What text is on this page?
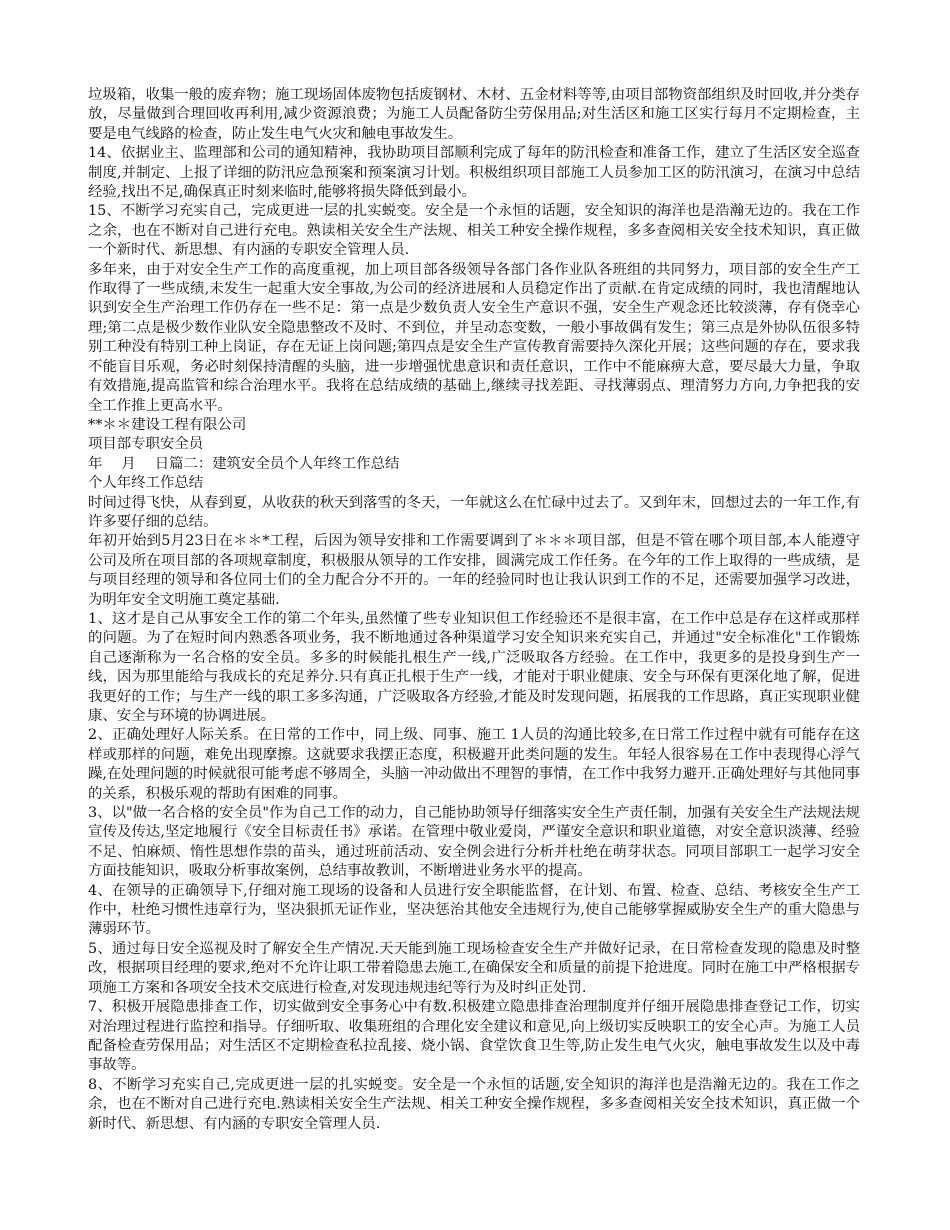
垃圾箱，收集一般的废弃物；施工现场固体废物包括废钢材、木材、五金材料等等,由项目部物资部组织及时回收,并分类存放，尽量做到合理回收再利用,减少资源浪费；为施工人员配备防尘劳保用品;对生活区和施工区实行每月不定期检查，主要是电气线路的检查，防止发生电气火灾和触电事故发生。

14、依据业主、监理部和公司的通知精神，我协助项目部顺利完成了每年的防汛检查和准备工作，建立了生活区安全巡查制度,并制定、上报了详细的防汛应急预案和预案演习计划。积极组织项目部施工人员参加工区的防汛演习，在演习中总结经验,找出不足,确保真正时刻来临时,能够将损失降低到最小。

15、不断学习充实自己，完成更进一层的扎实蜕变。安全是一个永恒的话题，安全知识的海洋也是浩瀚无边的。我在工作之余，也在不断对自己进行充电。熟读相关安全生产法规、相关工种安全操作规程，多多查阅相关安全技术知识，真正做一个新时代、新思想、有内涵的专职安全管理人员.

多年来，由于对安全生产工作的高度重视，加上项目部各级领导各部门各作业队各班组的共同努力，项目部的安全生产工作取得了一些成绩,未发生一起重大安全事故,为公司的经济进展和人员稳定作出了贡献.在肯定成绩的同时，我也清醒地认识到安全生产治理工作仍存在一些不足：第一点是少数负责人安全生产意识不强，安全生产观念还比较淡薄，存有侥幸心理;第二点是极少数作业队安全隐患整改不及时、不到位，并呈动态变数，一般小事故偶有发生；第三点是外协队伍很多特别工种没有特别工种上岗证，存在无证上岗问题;第四点是安全生产宣传教育需要持久深化开展；这些问题的存在，要求我不能盲目乐观，务必时刻保持清醒的头脑，进一步增强忧患意识和责任意识，工作中不能麻痹大意，要尽最大力量，争取有效措施,提高监管和综合治理水平。我将在总结成绩的基础上,继续寻找差距、寻找薄弱点、理清努力方向,力争把我的安全工作推上更高水平。

**＊＊建设工程有限公司

项目部专职安全员

年　 月　 日篇二：建筑安全员个人年终工作总结

个人年终工作总结

时间过得飞快，从春到夏，从收获的秋天到落雪的冬天，一年就这么在忙碌中过去了。又到年末，回想过去的一年工作,有许多要仔细的总结。

年初开始到5月23日在＊＊*工程，后因为领导安排和工作需要调到了＊＊＊项目部，但是不管在哪个项目部,本人能遵守公司及所在项目部的各项规章制度，积极服从领导的工作安排，圆满完成工作任务。在今年的工作上取得的一些成绩，是与项目经理的领导和各位同士们的全力配合分不开的。一年的经验同时也让我认识到工作的不足，还需要加强学习改进，为明年安全文明施工奠定基础.

1、这才是自己从事安全工作的第二个年头,虽然懂了些专业知识但工作经验还不是很丰富，在工作中总是存在这样或那样的问题。为了在短时间内熟悉各项业务，我不断地通过各种渠道学习安全知识来充实自己，并通过"安全标准化"工作锻炼自己逐渐称为一名合格的安全员。多多的时候能扎根生产一线,广泛吸取各方经验。在工作中，我更多的是投身到生产一线，因为那里能给与我成长的充足养分.只有真正扎根于生产一线，才能对于职业健康、安全与环保有更深化地了解，促进我更好的工作；与生产一线的职工多多沟通，广泛吸取各方经验,才能及时发现问题，拓展我的工作思路，真正实现职业健康、安全与环境的协调进展。

2、正确处理好人际关系。在日常的工作中，同上级、同事、施工 1人员的沟通比较多,在日常工作过程中就有可能存在这样或那样的问题，难免出现摩擦。这就要求我摆正态度，积极避开此类问题的发生。年轻人很容易在工作中表现得心浮气躁,在处理问题的时候就很可能考虑不够周全，头脑一冲动做出不理智的事情，在工作中我努力避开.正确处理好与其他同事的关系，积极乐观的帮助有困难的同事。

3、以"做一名合格的安全员"作为自己工作的动力，自己能协助领导仔细落实安全生产责任制，加强有关安全生产法规法规宣传及传达,坚定地履行《安全目标责任书》承诺。在管理中敬业爱岗，严谨安全意识和职业道德，对安全意识淡薄、经验不足、怕麻烦、惰性思想作祟的苗头，通过班前活动、安全例会进行分析并杜绝在萌芽状态。同项目部职工一起学习安全方面技能知识，吸取分析事故案例，总结事故教训，不断增进业务水平的提高。

4、在领导的正确领导下,仔细对施工现场的设备和人员进行安全职能监督，在计划、布置、检查、总结、考核安全生产工作中，杜绝习惯性违章行为，坚决狠抓无证作业，坚决惩治其他安全违规行为,使自己能够掌握威胁安全生产的重大隐患与薄弱环节。

5、通过每日安全巡视及时了解安全生产情况.天天能到施工现场检查安全生产并做好记录，在日常检查发现的隐患及时整改，根据项目经理的要求,绝对不允许让职工带着隐患去施工,在确保安全和质量的前提下抢进度。同时在施工中严格根据专项施工方案和各项安全技术交底进行检查,对发现违规违纪等行为及时纠正处罚.

7、积极开展隐患排查工作，切实做到安全事务心中有数.积极建立隐患排查治理制度并仔细开展隐患排查登记工作，切实对治理过程进行监控和指导。仔细听取、收集班组的合理化安全建议和意见,向上级切实反映职工的安全心声。为施工人员配备检查劳保用品；对生活区不定期检查私拉乱接、烧小锅、食堂饮食卫生等,防止发生电气火灾，触电事故发生以及中毒事故等。

8、不断学习充实自己,完成更进一层的扎实蜕变。安全是一个永恒的话题,安全知识的海洋也是浩瀚无边的。我在工作之余，也在不断对自己进行充电.熟读相关安全生产法规、相关工种安全操作规程，多多查阅相关安全技术知识，真正做一个新时代、新思想、有内涵的专职安全管理人员.
